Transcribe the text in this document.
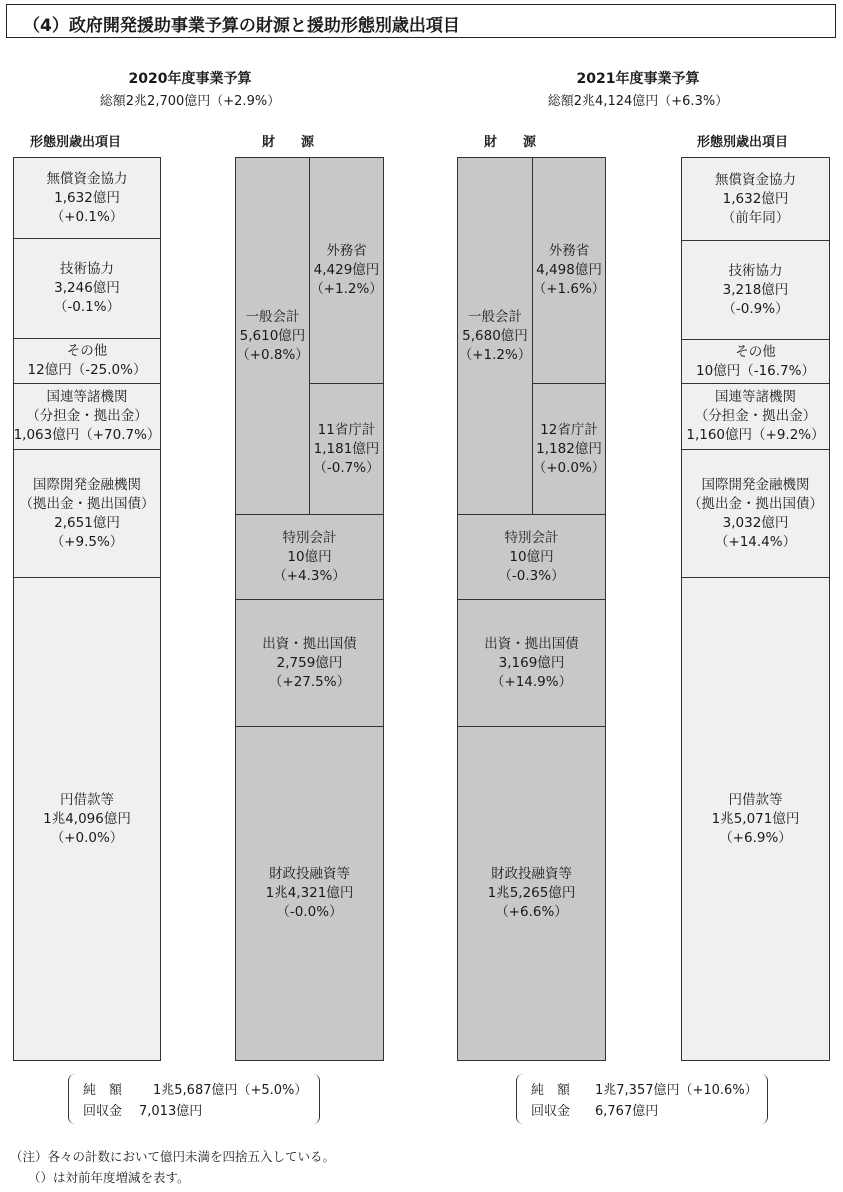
（4）政府開発援助事業予算の財源と援助形態別歳出項目
2020年度事業予算
総額2兆2,700億円（+2.9%）
2021年度事業予算
総額2兆4,124億円（+6.3%）
形態別歳出項目	財　　源	財　　源	形態別歳出項目
無償資金協力
1,632億円
（+0.1%）
技術協力
3,246億円
（-0.1%）
その他
12億円（-25.0%）
国連等諸機関
（分担金・拠出金）
1,063億円（+70.7%）
国際開発金融機関
（拠出金・拠出国債）
2,651億円
（+9.5%）
円借款等
1兆4,096億円
（+0.0%）
一般会計
5,610億円
（+0.8%）
外務省
4,429億円
（+1.2%）
11省庁計
1,181億円
（-0.7%）
特別会計
10億円
（+4.3%）
出資・拠出国債
2,759億円
（+27.5%）
財政投融資等
1兆4,321億円
（-0.0%）
一般会計
5,680億円
（+1.2%）
外務省
4,498億円
（+1.6%）
12省庁計
1,182億円
（+0.0%）
特別会計
10億円
（-0.3%）
出資・拠出国債
3,169億円
（+14.9%）
財政投融資等
1兆5,265億円
（+6.6%）
無償資金協力
1,632億円
（前年同）
技術協力
3,218億円
（-0.9%）
その他
10億円（-16.7%）
国連等諸機関
（分担金・拠出金）
1,160億円（+9.2%）
国際開発金融機関
（拠出金・拠出国債）
3,032億円
（+14.4%）
円借款等
1兆5,071億円
（+6.9%）
純　額 1兆5,687億円（+5.0%）
回収金 7,013億円
純　額 1兆7,357億円（+10.6%）
回収金 6,767億円
（注）各々の計数において億円未満を四捨五入している。
（）は対前年度増減を表す。
